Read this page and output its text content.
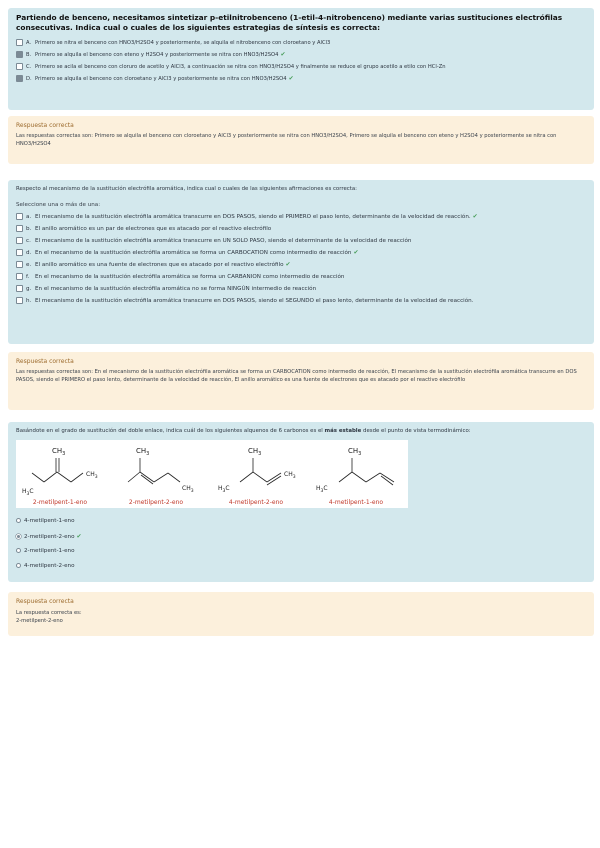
Partiendo de benceno, necesitamos sintetizar p-etilnitrobenceno (1-etil-4-nitrobenceno) mediante varias sustituciones electrófilas consecutivas. Indica cual o cuales de los siguientes estrategias de síntesis es correcta:
A. Primero se nitra el benceno con HNO3/H2SO4 y posteriormente, se alquila el nitrobenceno con cloroetano y AlCl3
B. Primero se alquila el benceno con eteno y H2SO4 y posteriormente se nitra con HNO3/H2SO4 ✔
C. Primero se acila el benceno con cloruro de acetilo y AlCl3, a continuación se nitra con HNO3/H2SO4 y finalmente se reduce el grupo acetilo a etilo con HCl-Zn
D. Primero se alquila el benceno con cloroetano y AlCl3 y posteriormente se nitra con HNO3/H2SO4 ✔
Respuesta correcta
Las respuestas correctas son: Primero se alquila el benceno con cloroetano y AlCl3 y posteriormente se nitra con HNO3/H2SO4, Primero se alquila el benceno con eteno y H2SO4 y posteriormente se nitra con HNO3/H2SO4
Respecto al mecanismo de la sustitución electrófila aromática, indica cual o cuales de las siguientes afirmaciones es correcta:
Seleccione una o más de una:
a. El mecanismo de la sustitución electrófila aromática transcurre en DOS PASOS, siendo el PRIMERO el paso lento, determinante de la velocidad de reacción. ✔
b. El anillo aromático es un par de electrones que es atacado por el reactivo electrófilo
c. El mecanismo de la sustitución electrófila aromática transcurre en UN SOLO PASO, siendo el determinante de la velocidad de reacción
d. En el mecanismo de la sustitución electrófila aromática se forma un CARBOCATION como intermedio de reacción ✔
e. El anillo aromático es una fuente de electrones que es atacado por el reactivo electrófilo ✔
f. En el mecanismo de la sustitución electrófila aromática se forma un CARBANION como intermedio de reacción
g. En el mecanismo de la sustitución electrófila aromática no se forma NINGÚN intermedio de reacción
h. El mecanismo de la sustitución electrófila aromática transcurre en DOS PASOS, siendo el SEGUNDO el paso lento, determinante de la velocidad de reacción.
Respuesta correcta
Las respuestas correctas son: En el mecanismo de la sustitución electrófila aromática se forma un CARBOCATION como intermedio de reacción, El mecanismo de la sustitución electrófila aromática transcurre en DOS PASOS, siendo el PRIMERO el paso lento, determinante de la velocidad de reacción, El anillo aromático es una fuente de electrones que es atacado por el reactivo electrófilo
Basándote en el grado de sustitución del doble enlace, indica cuál de los siguientes alquenos de 6 carbonos es el más estable desde el punto de vista termodinámico:
$CH_3$
$H_3C$
$CH_3$
$CH_3$
$CH_3$
$CH_3$
$H_3C$
$CH_3$
$CH_3$
$H_3C$
2-metilpent-1-eno	2-metilpent-2-eno	4-metilpent-2-eno	4-metilpent-1-eno
4-metilpent-1-eno
2-metilpent-2-eno ✔
2-metilpent-1-eno
4-metilpent-2-eno
Respuesta correcta
La respuesta correcta es:
2-metilpent-2-eno
